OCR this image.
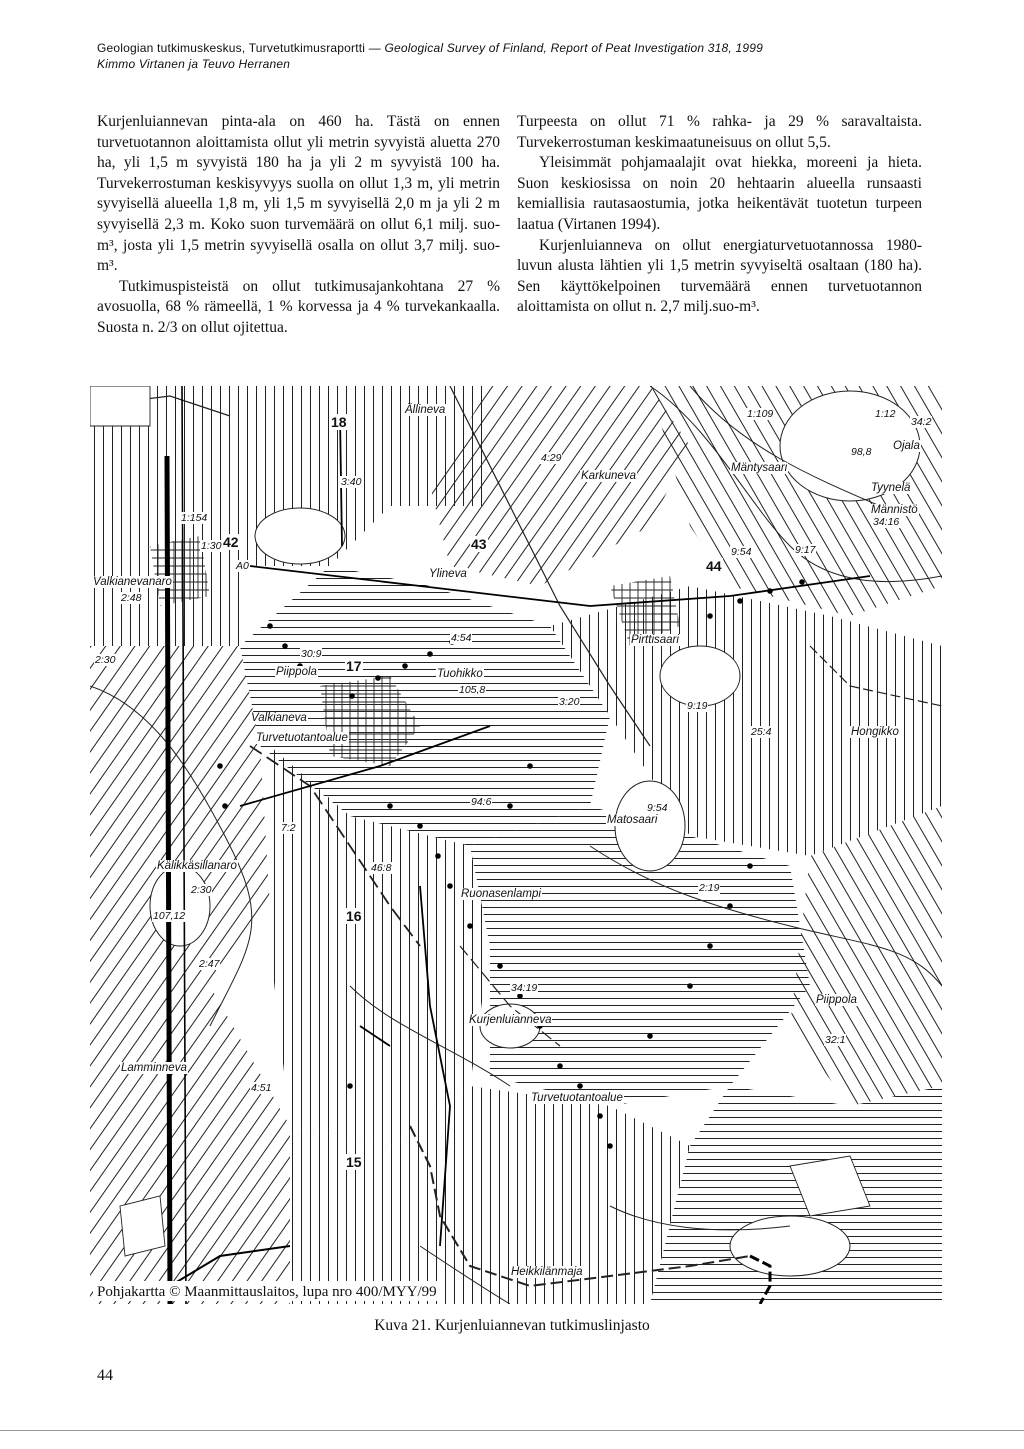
Geologian tutkimuskeskus, Turvetutkimusraportti — Geological Survey of Finland, Report of Peat Investigation 318, 1999
Kimmo Virtanen ja Teuvo Herranen

Kurjenluiannevan pinta-ala on 460 ha. Tästä on ennen turvetuotannon aloittamista ollut yli metrin syvyistä aluetta 270 ha, yli 1,5 m syvyistä 180 ha ja yli 2 m syvyistä 100 ha. Turvekerrostuman keskisyvyys suolla on ollut 1,3 m, yli metrin syvyisellä alueella 1,8 m, yli 1,5 m syvyisellä 2,0 m ja yli 2 m syvyisellä 2,3 m. Koko suon turvemäärä on ollut 6,1 milj. suo-m³, josta yli 1,5 metrin syvyisellä osalla on ollut 3,7 milj. suo-m³.

Tutkimuspisteistä on ollut tutkimusajankohtana 27 % avosuolla, 68 % rämeellä, 1 % korvessa ja 4 % turvekankaalla. Suosta n. 2/3 on ollut ojitettua.

Turpeesta on ollut 71 % rahka- ja 29 % saravaltaista. Turvekerrostuman keskimaatuneisuus on ollut 5,5.

Yleisimmät pohjamaalajit ovat hiekka, moreeni ja hieta. Suon keskiosissa on noin 20 hehtaarin alueella runsaasti kemiallisia rautasaostumia, jotka heikentävät tuotetun turpeen laatua (Virtanen 1994).

Kurjenluianneva on ollut energiaturvetuotannossa 1980-luvun alusta lähtien yli 1,5 metrin syvyiseltä osaltaan (180 ha). Sen käyttökelpoinen turvemäärä ennen turvetuotannon aloittamista on ollut n. 2,7 milj.suo-m³.

18
42	43
44
17
16
15
Ällineva
Karkuneva
Mäntysaari
Ojala
Tyynelä
Valkianevanaro
Ylineva
Pirttisaari
Piippola	Tuohikko
Valkianeva
Turvetuotantoalue	Hongikko
Matosaari
Kälikkäsillanaro
Ruonasenlampi
Kurjenluianneva
Piippola
Lamminneva
Turvetuotantoalue
Heikkilänmaja
Männistö
1:109	1:12
34:2
98,8
3:40
1:154
4:29
9:54	9:17
1:30
A0
2:48
2:30	30:9
4:54
105,8
3:20	9:19
25:4
9:54
2:30
107,12
2:19
34:19
32:1
4:51
34:16
94:6
46:8
7:2
2:47
Pohjakartta © Maanmittauslaitos, lupa nro 400/MYY/99
Kuva 21. Kurjenluiannevan tutkimuslinjasto
44
